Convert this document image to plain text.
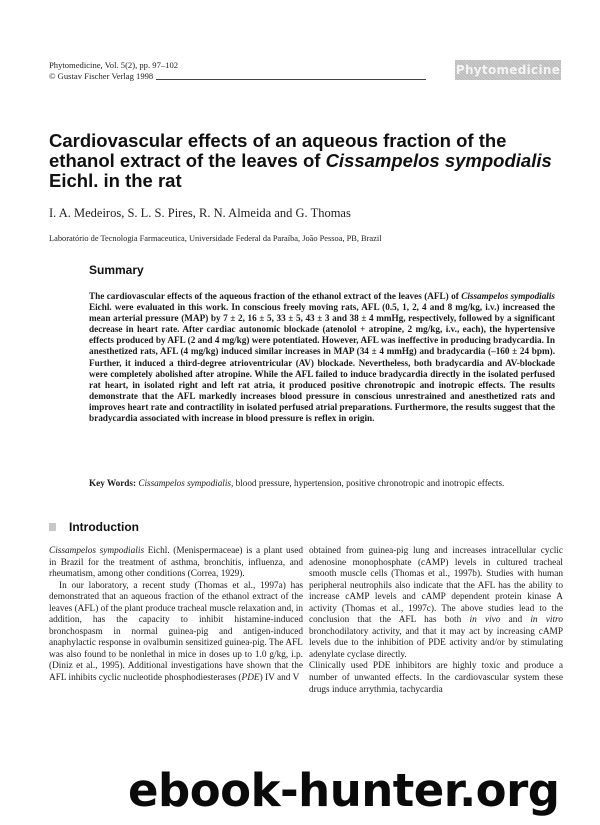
Phytomedicine, Vol. 5(2), pp. 97–102
© Gustav Fischer Verlag 1998	Phytomedicine
Cardiovascular effects of an aqueous fraction of the ethanol extract of the leaves of Cissampelos sympodialis Eichl. in the rat
I. A. Medeiros, S. L. S. Pires, R. N. Almeida and G. Thomas
Laboratório de Tecnologia Farmaceutica, Universidade Federal da Paraíba, João Pessoa, PB, Brazil
Summary
The cardiovascular effects of the aqueous fraction of the ethanol extract of the leaves (AFL) of Cissampelos sympodialis Eichl. were evaluated in this work. In conscious freely moving rats, AFL (0.5, 1, 2, 4 and 8 mg/kg, i.v.) increased the mean arterial pressure (MAP) by 7 ± 2, 16 ± 5, 33 ± 5, 43 ± 3 and 38 ± 4 mmHg, respectively, followed by a significant decrease in heart rate. After cardiac autonomic blockade (atenolol + atropine, 2 mg/kg, i.v., each), the hypertensive effects produced by AFL (2 and 4 mg/kg) were potentiated. However, AFL was ineffective in producing bradycardia. In anesthetized rats, AFL (4 mg/kg) induced similar increases in MAP (34 ± 4 mmHg) and bradycardia (–160 ± 24 bpm). Further, it induced a third-degree atrioventricular (AV) blockade. Nevertheless, both bradycardia and AV-blockade were completely abolished after atropine. While the AFL failed to induce bradycardia directly in the isolated perfused rat heart, in isolated right and left rat atria, it produced positive chronotropic and inotropic effects. The results demonstrate that the AFL markedly increases blood pressure in conscious unrestrained and anesthetized rats and improves heart rate and contractility in isolated perfused atrial preparations. Furthermore, the results suggest that the bradycardia associated with increase in blood pressure is reflex in origin.
Key Words: Cissampelos sympodialis, blood pressure, hypertension, positive chronotropic and inotropic effects.
Introduction

Cissampelos sympodialis Eichl. (Menispermaceae) is a plant used in Brazil for the treatment of asthma, bronchitis, influenza, and rheumatism, among other conditions (Correa, 1929).

In our laboratory, a recent study (Thomas et al., 1997a) has demonstrated that an aqueous fraction of the ethanol extract of the leaves (AFL) of the plant produce tracheal muscle relaxation and, in addition, has the capacity to inhibit histamine-induced bronchospasm in normal guinea-pig and antigen-induced anaphylactic response in ovalbumin sensitized guinea-pig. The AFL was also found to be nonlethal in mice in doses up to 1.0 g/kg, i.p. (Diniz et al., 1995). Additional investigations have shown that the AFL inhibits cyclic nucleotide phosphodiesterases (PDE) IV and V

obtained from guinea-pig lung and increases intracellular cyclic adenosine monophosphate (cAMP) levels in cultured tracheal smooth muscle cells (Thomas et al., 1997b). Studies with human peripheral neutrophils also indicate that the AFL has the ability to increase cAMP levels and cAMP dependent protein kinase A activity (Thomas et al., 1997c). The above studies lead to the conclusion that the AFL has both in vivo and in vitro bronchodilatory activity, and that it may act by increasing cAMP levels due to the inhibition of PDE activity and/or by stimulating adenylate cyclase directly.

Clinically used PDE inhibitors are highly toxic and produce a number of unwanted effects. In the cardiovascular system these drugs induce arrythmia, tachycardia

ebook-hunter.org
